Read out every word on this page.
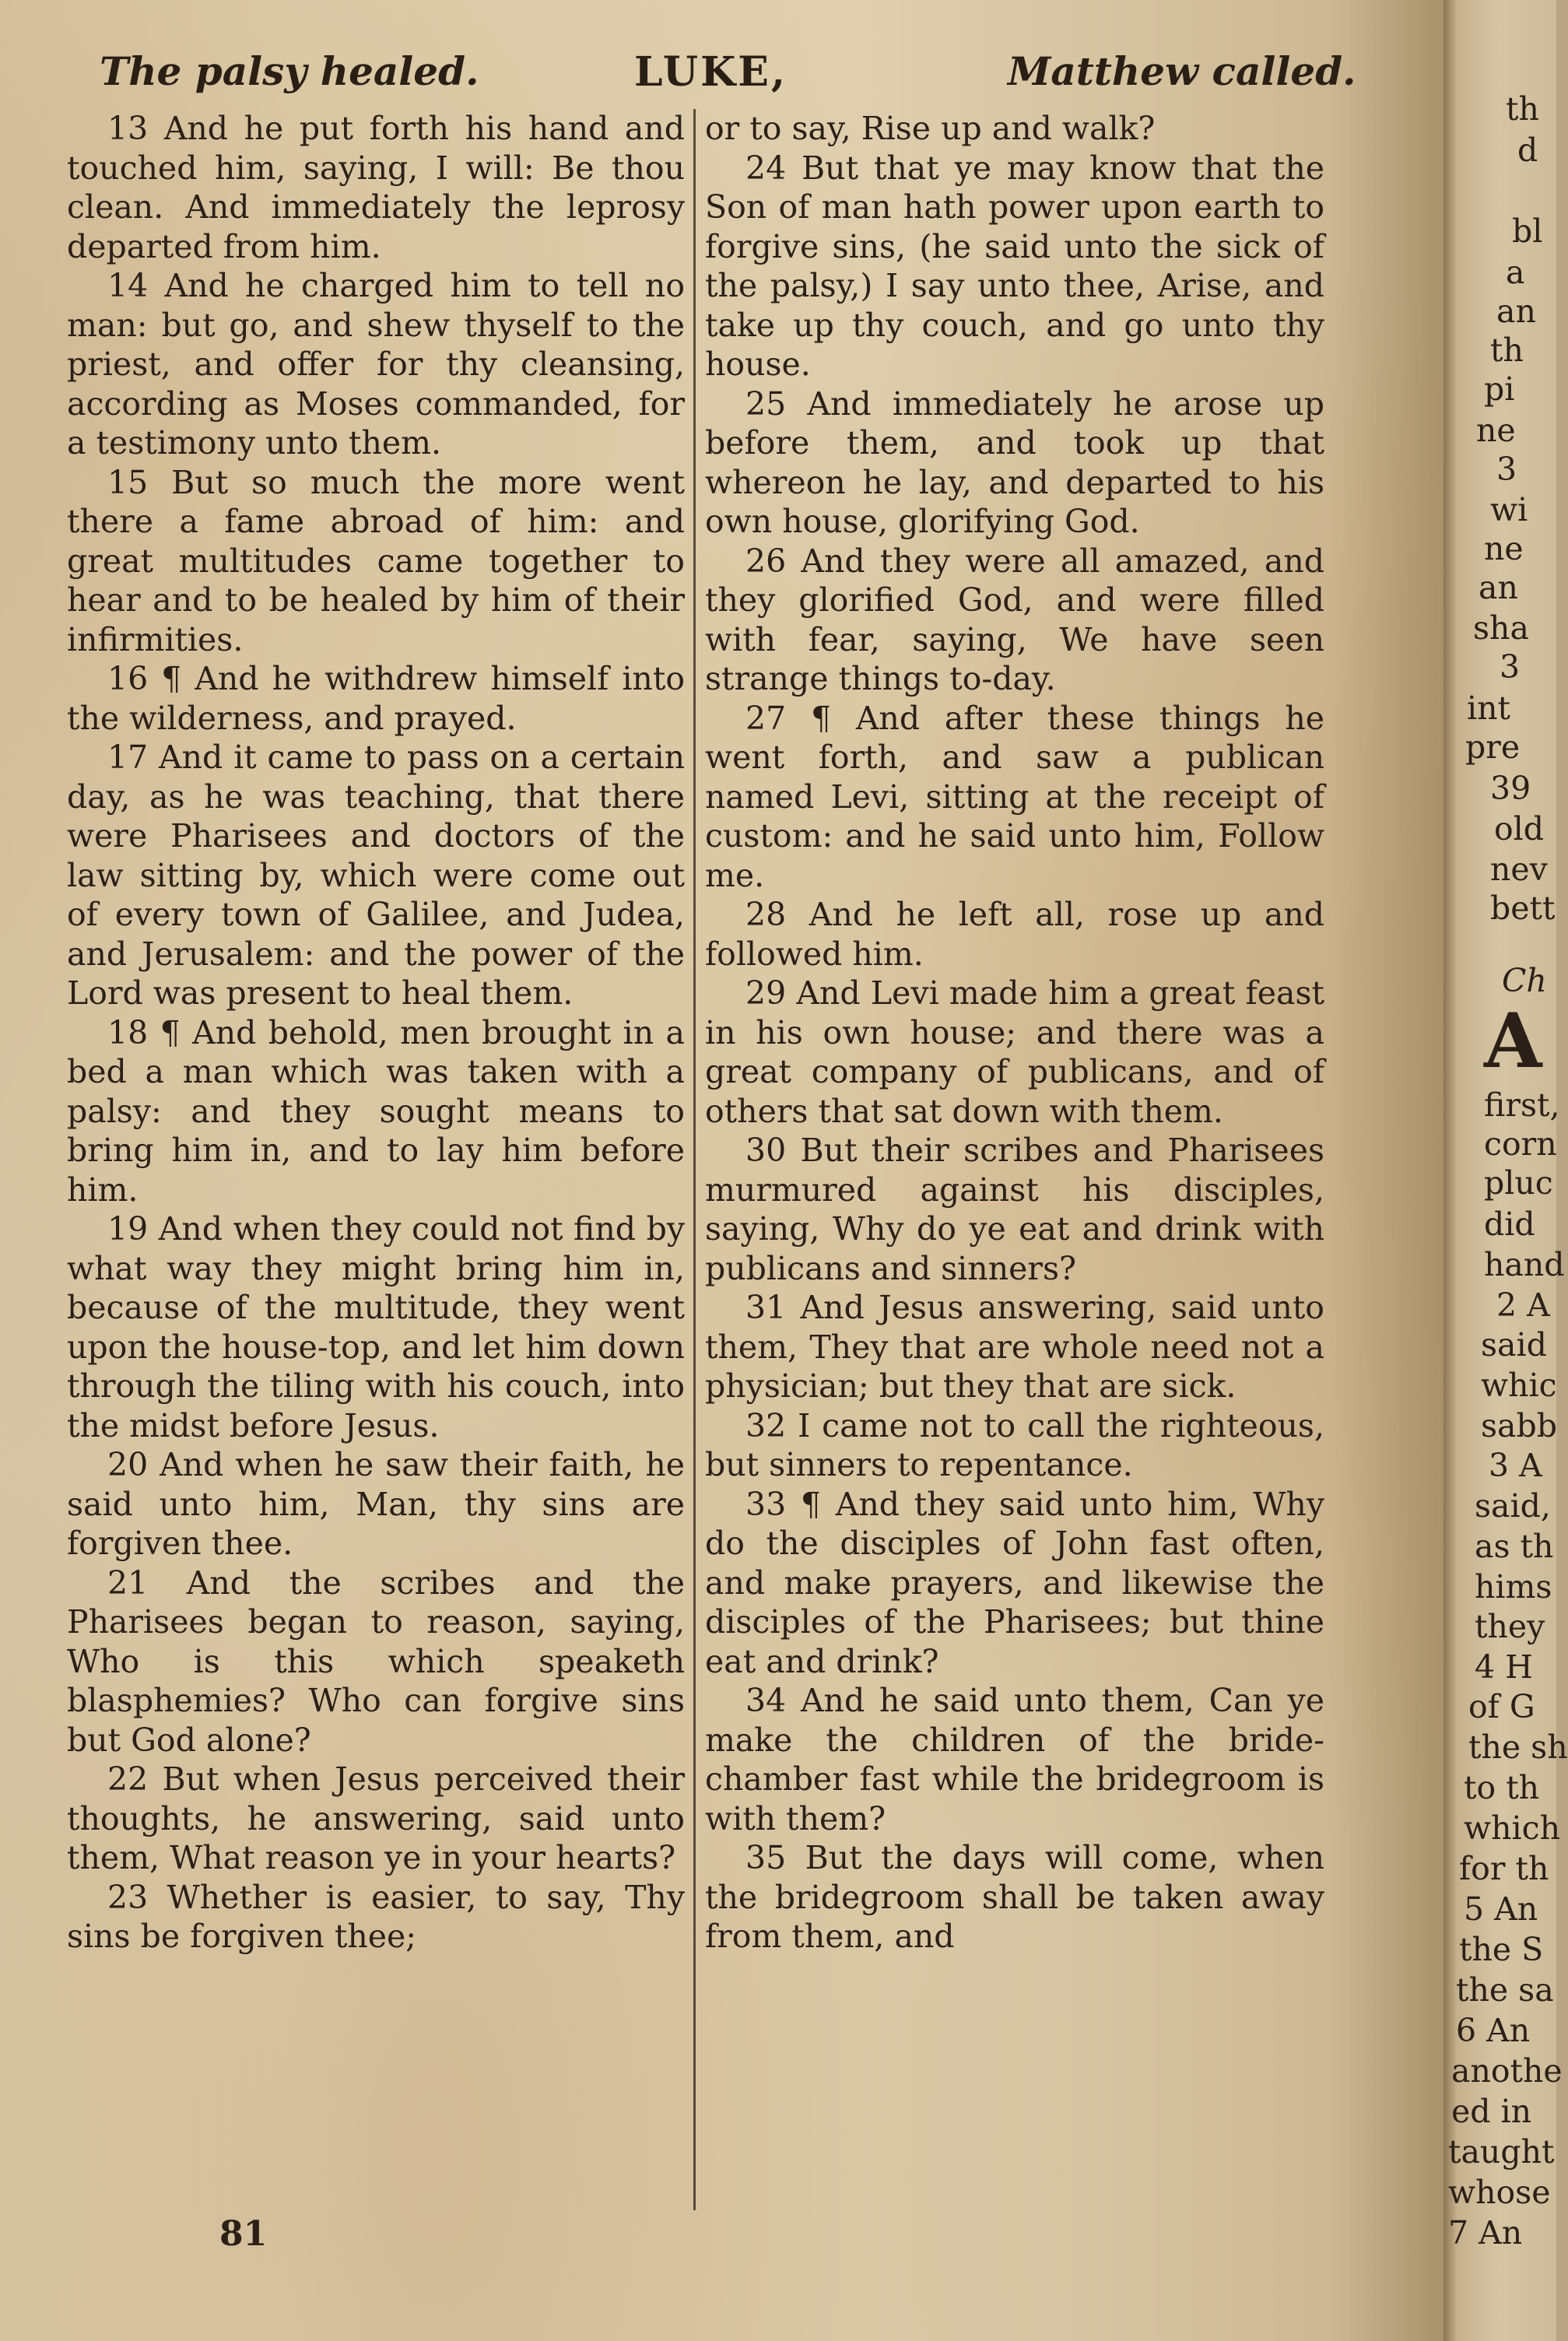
The palsy healed.	LUKE,	Matthew called.

13 And he put forth his hand and touched him, saying, I will: Be thou clean. And immediately the leprosy departed from him.

14 And he charged him to tell no man: but go, and shew thyself to the priest, and offer for thy cleansing, according as Moses commanded, for a testimony unto them.

15 But so much the more went there a fame abroad of him: and great multitudes came together to hear and to be healed by him of their infirmities.

16 ¶ And he withdrew himself into the wilderness, and prayed.

17 And it came to pass on a certain day, as he was teaching, that there were Pharisees and doctors of the law sitting by, which were come out of every town of Galilee, and Judea, and Jerusalem: and the power of the Lord was present to heal them.

18 ¶ And behold, men brought in a bed a man which was taken with a palsy: and they sought means to bring him in, and to lay him before him.

19 And when they could not find by what way they might bring him in, because of the multitude, they went upon the house-top, and let him down through the tiling with his couch, into the midst before Jesus.

20 And when he saw their faith, he said unto him, Man, thy sins are forgiven thee.

21 And the scribes and the Pharisees began to reason, saying, Who is this which speaketh blasphemies? Who can forgive sins but God alone?

22 But when Jesus perceived their thoughts, he answering, said unto them, What reason ye in your hearts?

23 Whether is easier, to say, Thy sins be forgiven thee;

or to say, Rise up and walk?

24 But that ye may know that the Son of man hath power upon earth to forgive sins, (he said unto the sick of the palsy,) I say unto thee, Arise, and take up thy couch, and go unto thy house.

25 And immediately he arose up before them, and took up that whereon he lay, and departed to his own house, glorifying God.

26 And they were all amazed, and they glorified God, and were filled with fear, saying, We have seen strange things to-day.

27 ¶ And after these things he went forth, and saw a publican named Levi, sitting at the receipt of custom: and he said unto him, Follow me.

28 And he left all, rose up and followed him.

29 And Levi made him a great feast in his own house; and there was a great company of publicans, and of others that sat down with them.

30 But their scribes and Pharisees murmured against his disciples, saying, Why do ye eat and drink with publicans and sinners?

31 And Jesus answering, said unto them, They that are whole need not a physician; but they that are sick.

32 I came not to call the righteous, but sinners to repentance.

33 ¶ And they said unto him, Why do the disciples of John fast often, and make prayers, and likewise the disciples of the Pharisees; but thine eat and drink?

34 And he said unto them, Can ye make the children of the bride-chamber fast while the bridegroom is with them?

35 But the days will come, when the bridegroom shall be taken away from them, and

81
th
d
bl
a
an
th
pi
ne
3
wi
ne
an
sha
3
int
pre
39
old
nev
bett
Ch
A
first,
corn
pluc
did
hand
2 A
said
whic
sabb
3 A
said,
as th
hims
they
4 H
of G
the sh
to th
which
for th
5 An
the S
the sa
6 An
anothe
ed in
taught
whose
7 An
